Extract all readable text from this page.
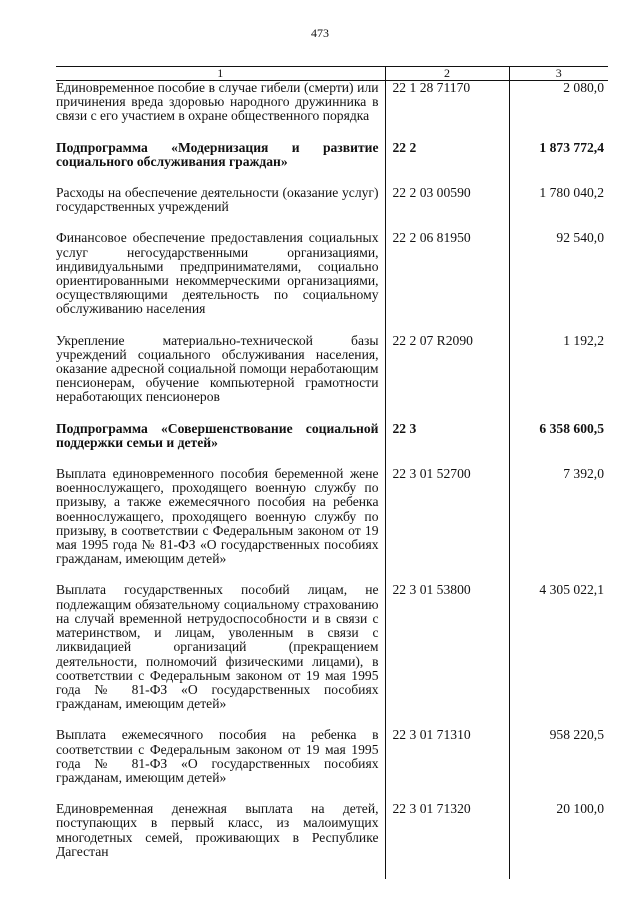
473
1	2	3
Единовременное пособие в случае гибели (смерти) или причинения вреда здоровью народного дружинника в связи с его участием в охране общественного порядка	22 1 28 71170	2 080,0

Подпрограмма «Модернизация и развитие социального обслуживания граждан»	22 2	1 873 772,4

Расходы на обеспечение деятельности (оказание услуг) государственных учреждений	22 2 03 00590	1 780 040,2

Финансовое обеспечение предоставления социальных услуг негосударственными организациями, индивидуальными предпринимателями, социально ориентированными некоммерческими организациями, осуществляющими деятельность по социальному обслуживанию населения	22 2 06 81950	92 540,0

Укрепление материально-технической базы учреждений социального обслуживания населения, оказание адресной социальной помощи неработающим пенсионерам, обучение компьютерной грамотности неработающих пенсионеров	22 2 07 R2090	1 192,2

Подпрограмма «Совершенствование социальной поддержки семьи и детей»	22 3	6 358 600,5

Выплата единовременного пособия беременной жене военнослужащего, проходящего военную службу по призыву, а также ежемесячного пособия на ребенка военнослужащего, проходящего военную службу по призыву, в соответствии с Федеральным законом от 19 мая 1995 года № 81-ФЗ «О государственных пособиях гражданам, имеющим детей»	22 3 01 52700	7 392,0

Выплата государственных пособий лицам, не подлежащим обязательному социальному страхованию на случай временной нетрудоспособности и в связи с материнством, и лицам, уволенным в связи с ликвидацией организаций (прекращением деятельности, полномочий физическими лицами), в соответствии с Федеральным законом от 19 мая 1995 года № 81-ФЗ «О государственных пособиях гражданам, имеющим детей»	22 3 01 53800	4 305 022,1

Выплата ежемесячного пособия на ребенка в соответствии с Федеральным законом от 19 мая 1995 года № 81-ФЗ «О государственных пособиях гражданам, имеющим детей»	22 3 01 71310	958 220,5

Единовременная денежная выплата на детей, поступающих в первый класс, из малоимущих многодетных семей, проживающих в Республике Дагестан	22 3 01 71320	20 100,0
